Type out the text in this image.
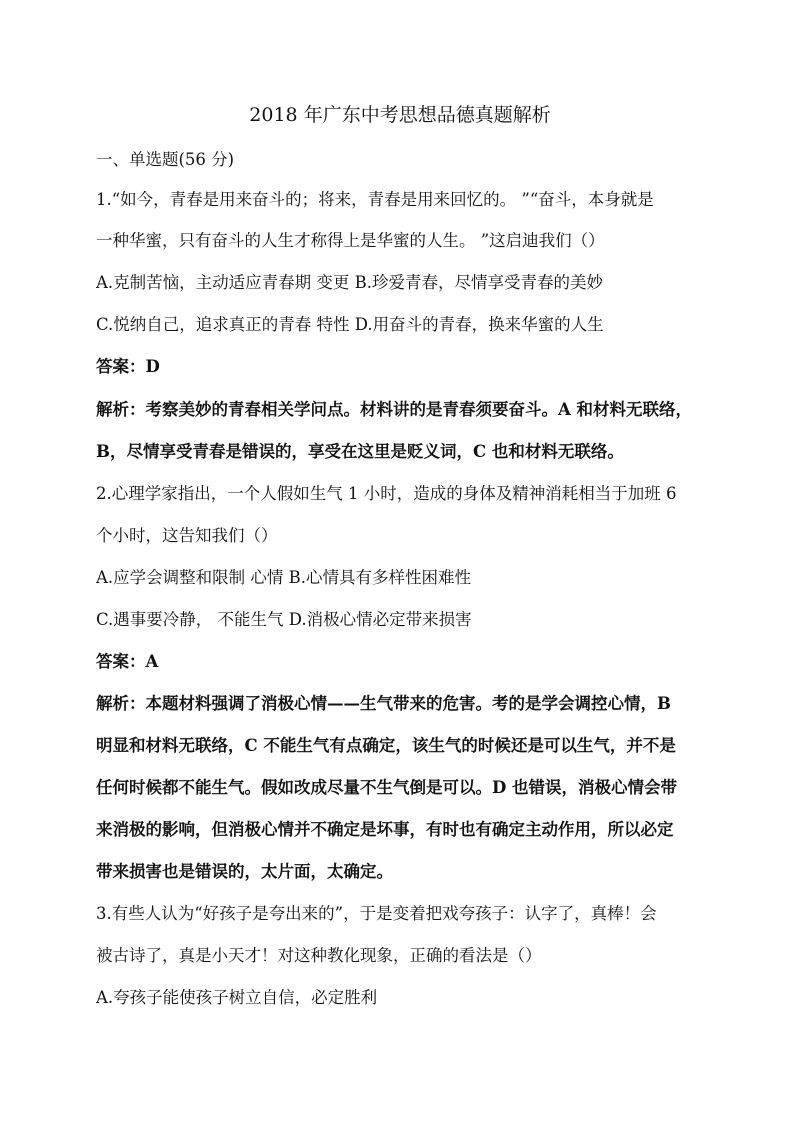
2018 年广东中考思想品德真题解析
一、单选题(56 分)
1.“如今，青春是用来奋斗的；将来，青春是用来回忆的。 ”“奋斗，本身就是
一种华蜜，只有奋斗的人生才称得上是华蜜的人生。 ”这启迪我们（）
A.克制苦恼，主动适应青春期 变更 B.珍爱青春，尽情享受青春的美妙
C.悦纳自己，追求真正的青春 特性 D.用奋斗的青春，换来华蜜的人生
答案：D
解析：考察美妙的青春相关学问点。材料讲的是青春须要奋斗。A 和材料无联络，
B，尽情享受青春是错误的，享受在这里是贬义词，C 也和材料无联络。
2.心理学家指出，一个人假如生气 1 小时，造成的身体及精神消耗相当于加班 6
个小时，这告知我们（）
A.应学会调整和限制 心情 B.心情具有多样性困难性
C.遇事要冷静， 不能生气 D.消极心情必定带来损害
答案：A
解析：本题材料强调了消极心情——生气带来的危害。考的是学会调控心情，B
明显和材料无联络，C 不能生气有点确定，该生气的时候还是可以生气，并不是
任何时候都不能生气。假如改成尽量不生气倒是可以。D 也错误，消极心情会带
来消极的影响，但消极心情并不确定是坏事，有时也有确定主动作用，所以必定
带来损害也是错误的，太片面，太确定。
3.有些人认为“好孩子是夸出来的”，于是变着把戏夸孩子：认字了，真棒！会
被古诗了，真是小天才！对这种教化现象，正确的看法是（）
A.夸孩子能使孩子树立自信，必定胜利
